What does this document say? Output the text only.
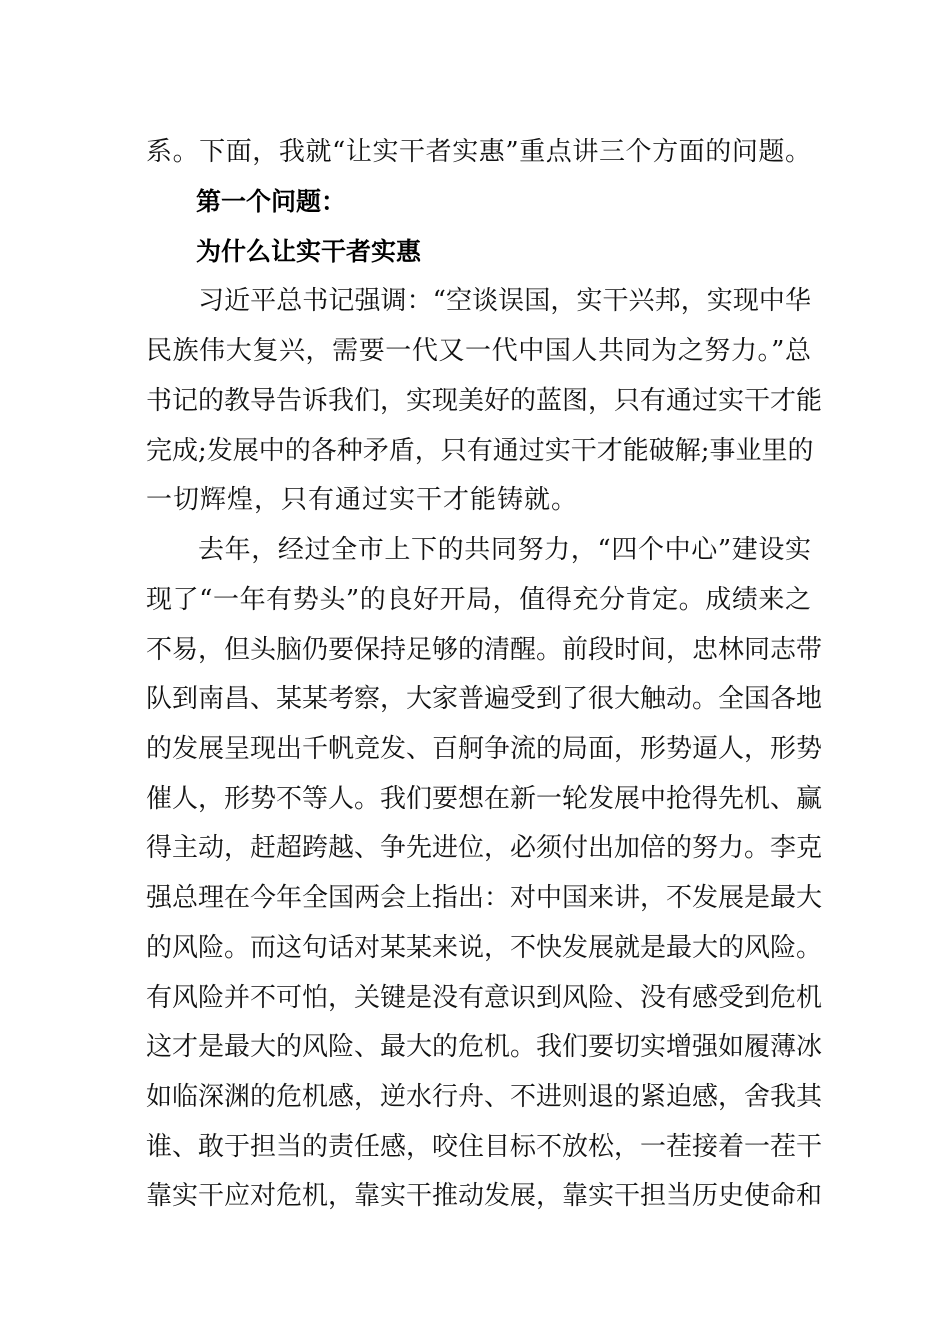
系。下面，我就“让实干者实惠”重点讲三个方面的问题。

第一个问题：

为什么让实干者实惠

习近平总书记强调：“空谈误国，实干兴邦，实现中华

民族伟大复兴，需要一代又一代中国人共同为之努力。”总

书记的教导告诉我们，实现美好的蓝图，只有通过实干才能

完成;发展中的各种矛盾，只有通过实干才能破解;事业里的

一切辉煌，只有通过实干才能铸就。

去年，经过全市上下的共同努力，“四个中心”建设实

现了“一年有势头”的良好开局，值得充分肯定。成绩来之

不易，但头脑仍要保持足够的清醒。前段时间，忠林同志带

队到南昌、某某考察，大家普遍受到了很大触动。全国各地

的发展呈现出千帆竞发、百舸争流的局面，形势逼人，形势

催人，形势不等人。我们要想在新一轮发展中抢得先机、赢

得主动，赶超跨越、争先进位，必须付出加倍的努力。李克

强总理在今年全国两会上指出：对中国来讲，不发展是最大

的风险。而这句话对某某来说，不快发展就是最大的风险。

有风险并不可怕，关键是没有意识到风险、没有感受到危机

这才是最大的风险、最大的危机。我们要切实增强如履薄冰

如临深渊的危机感，逆水行舟、不进则退的紧迫感，舍我其

谁、敢于担当的责任感，咬住目标不放松，一茬接着一茬干

靠实干应对危机，靠实干推动发展，靠实干担当历史使命和
